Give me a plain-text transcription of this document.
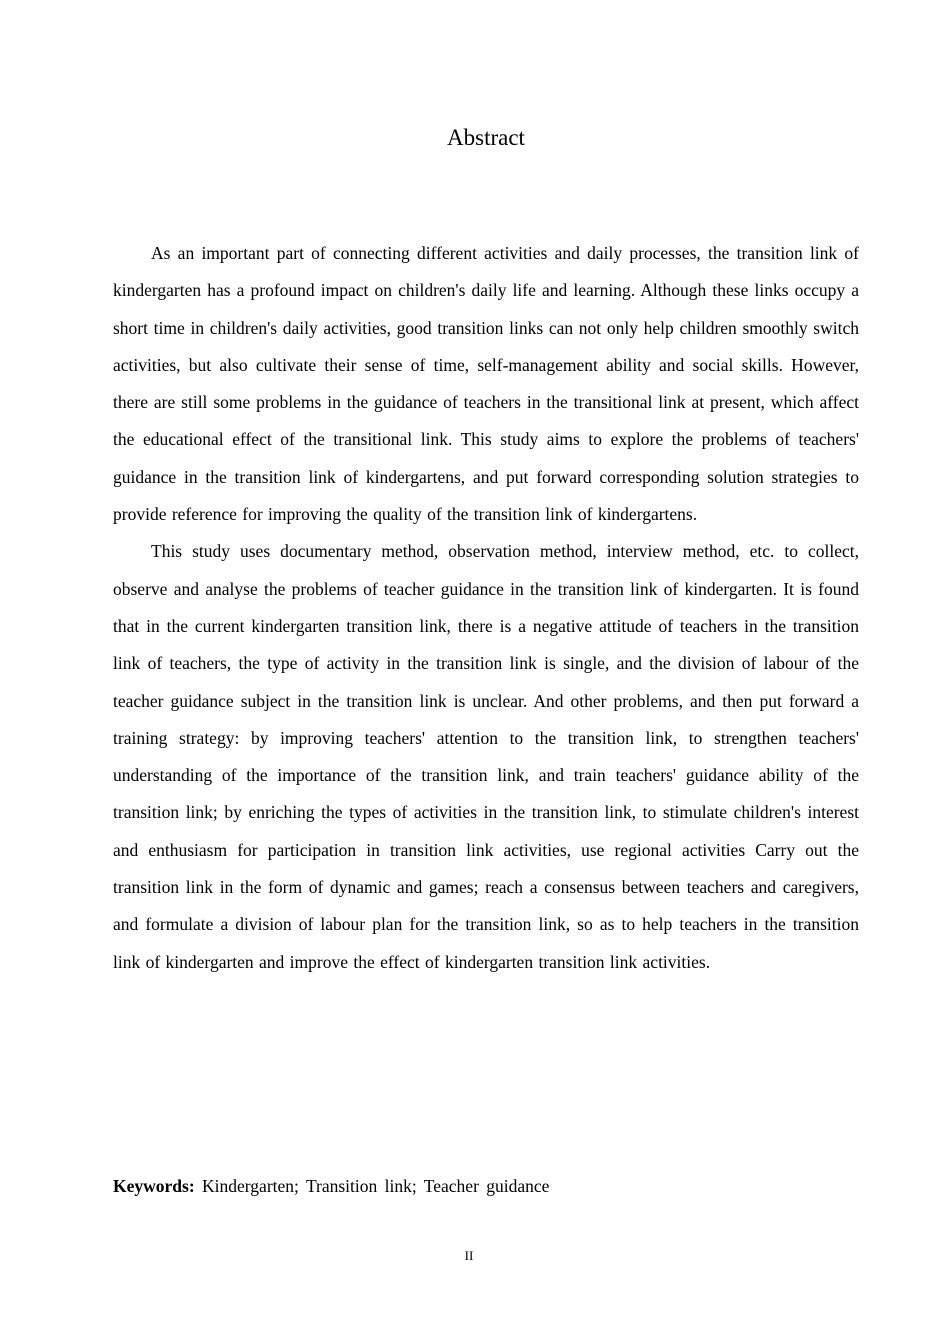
Abstract

As an important part of connecting different activities and daily processes, the transition link of kindergarten has a profound impact on children's daily life and learning. Although these links occupy a short time in children's daily activities, good transition links can not only help children smoothly switch activities, but also cultivate their sense of time, self-management ability and social skills. However, there are still some problems in the guidance of teachers in the transitional link at present, which affect the educational effect of the transitional link. This study aims to explore the problems of teachers' guidance in the transition link of kindergartens, and put forward corresponding solution strategies to provide reference for improving the quality of the transition link of kindergartens.

This study uses documentary method, observation method, interview method, etc. to collect, observe and analyse the problems of teacher guidance in the transition link of kindergarten. It is found that in the current kindergarten transition link, there is a negative attitude of teachers in the transition link of teachers, the type of activity in the transition link is single, and the division of labour of the teacher guidance subject in the transition link is unclear. And other problems, and then put forward a training strategy: by improving teachers' attention to the transition link, to strengthen teachers' understanding of the importance of the transition link, and train teachers' guidance ability of the transition link; by enriching the types of activities in the transition link, to stimulate children's interest and enthusiasm for participation in transition link activities, use regional activities Carry out the transition link in the form of dynamic and games; reach a consensus between teachers and caregivers, and formulate a division of labour plan for the transition link, so as to help teachers in the transition link of kindergarten and improve the effect of kindergarten transition link activities.

Keywords: Kindergarten; Transition link; Teacher guidance

II
